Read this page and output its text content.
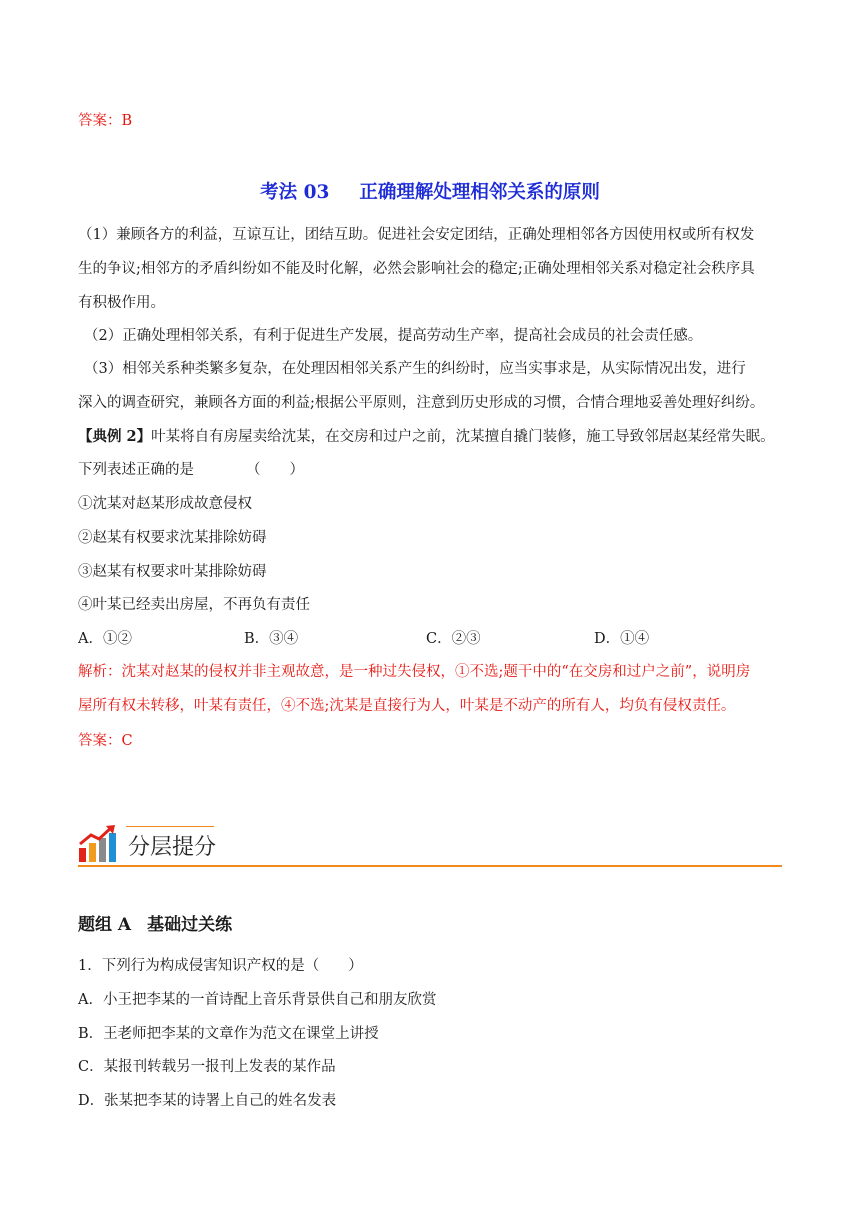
答案：B
考法 03 正确理解处理相邻关系的原则
（1）兼顾各方的利益，互谅互让，团结互助。促进社会安定团结，正确处理相邻各方因使用权或所有权发
生的争议;相邻方的矛盾纠纷如不能及时化解，必然会影响社会的稳定;正确处理相邻关系对稳定社会秩序具
有积极作用。
（2）正确处理相邻关系，有利于促进生产发展，提高劳动生产率，提高社会成员的社会责任感。
（3）相邻关系种类繁多复杂，在处理因相邻关系产生的纠纷时，应当实事求是，从实际情况出发，进行
深入的调查研究，兼顾各方面的利益;根据公平原则，注意到历史形成的习惯，合情合理地妥善处理好纠纷。
【典例 2】叶某将自有房屋卖给沈某，在交房和过户之前，沈某擅自撬门装修，施工导致邻居赵某经常失眠。
下列表述正确的是	（　　）
①沈某对赵某形成故意侵权
②赵某有权要求沈某排除妨碍
③赵某有权要求叶某排除妨碍
④叶某已经卖出房屋，不再负有责任
A．①②	B．③④	C．②③	D．①④
解析：沈某对赵某的侵权并非主观故意，是一种过失侵权，①不选;题干中的“在交房和过户之前”，说明房
屋所有权未转移，叶某有责任，④不选;沈某是直接行为人，叶某是不动产的所有人，均负有侵权责任。
答案：C
分层提分
题组 A 基础过关练
1．下列行为构成侵害知识产权的是（　　）
A．小王把李某的一首诗配上音乐背景供自己和朋友欣赏
B．王老师把李某的文章作为范文在课堂上讲授
C．某报刊转载另一报刊上发表的某作品
D．张某把李某的诗署上自己的姓名发表
